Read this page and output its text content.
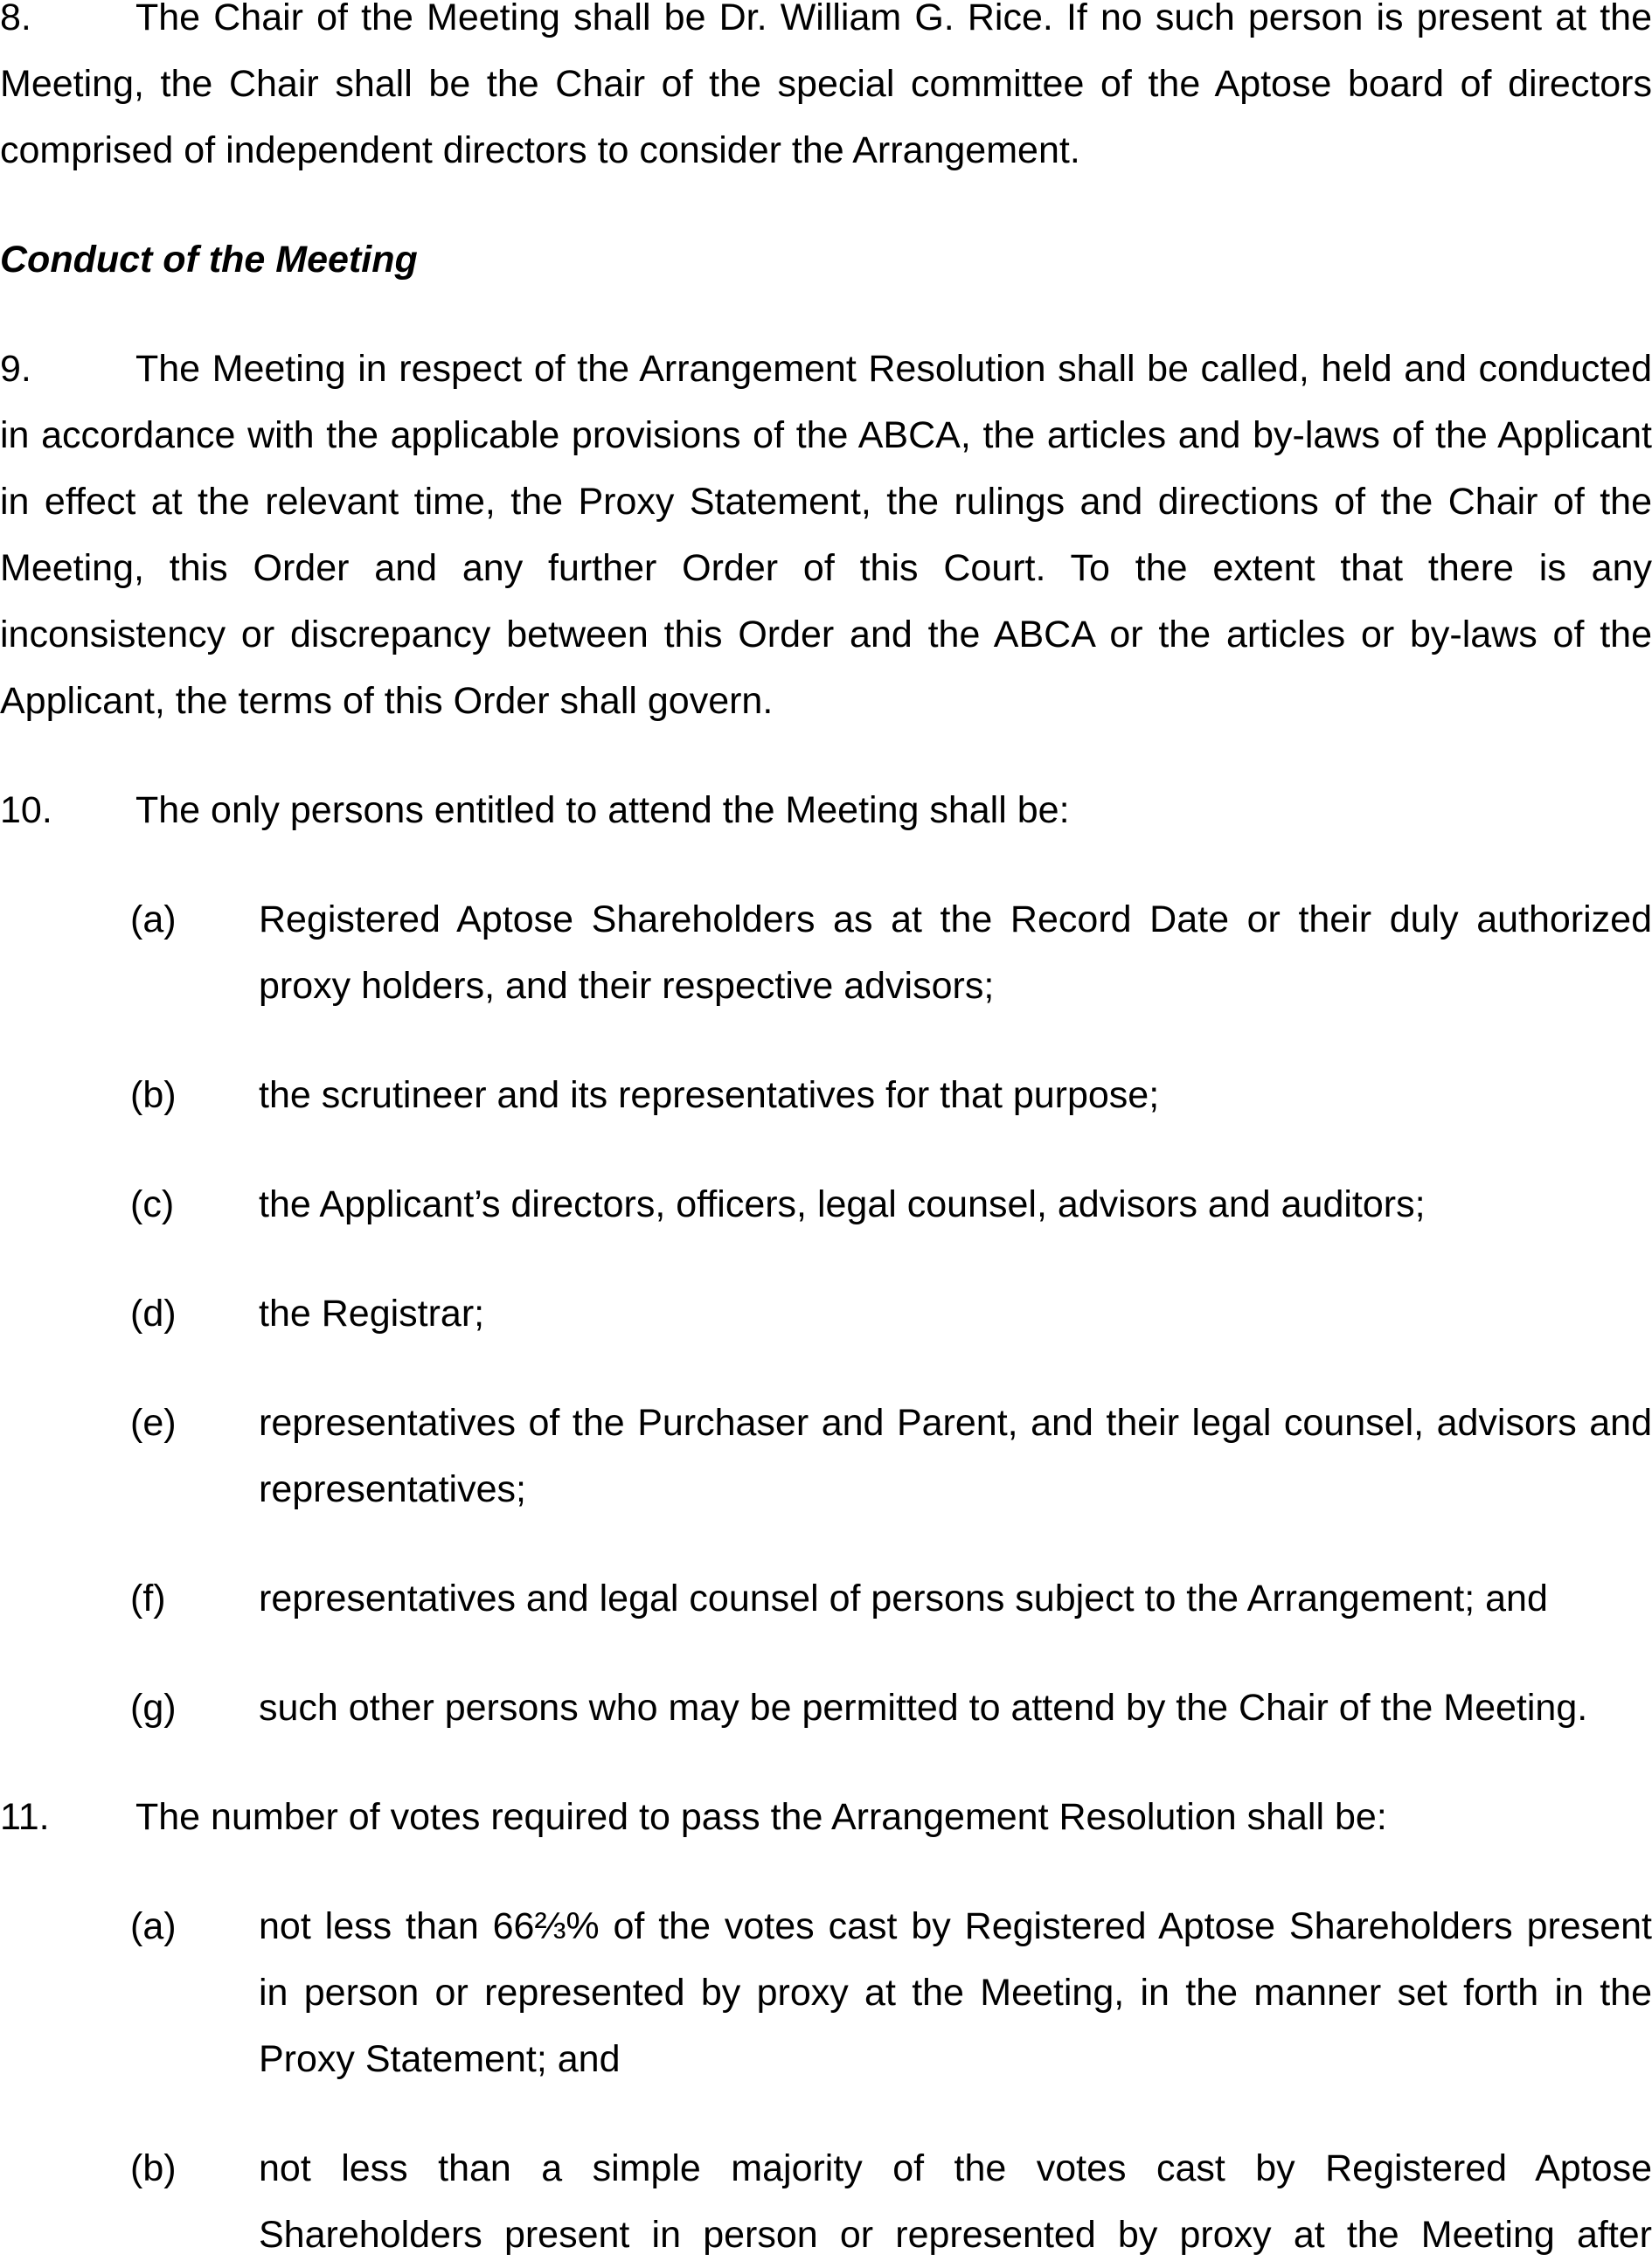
8.	The Chair of the Meeting shall be Dr. William G. Rice. If no such person is present at the
Meeting, the Chair shall be the Chair of the special committee of the Aptose board of directors
comprised of independent directors to consider the Arrangement.
Conduct of the Meeting
9.	The Meeting in respect of the Arrangement Resolution shall be called, held and conducted
in accordance with the applicable provisions of the ABCA, the articles and by-laws of the Applicant
in effect at the relevant time, the Proxy Statement, the rulings and directions of the Chair of the
Meeting, this Order and any further Order of this Court. To the extent that there is any
inconsistency or discrepancy between this Order and the ABCA or the articles or by-laws of the
Applicant, the terms of this Order shall govern.
10. The only persons entitled to attend the Meeting shall be:
(a) Registered Aptose Shareholders as at the Record Date or their duly authorized
proxy holders, and their respective advisors;
(b) the scrutineer and its representatives for that purpose;
(c) the Applicant’s directors, officers, legal counsel, advisors and auditors;
(d) the Registrar;
(e) representatives of the Purchaser and Parent, and their legal counsel, advisors and
representatives;
(f) representatives and legal counsel of persons subject to the Arrangement; and
(g) such other persons who may be permitted to attend by the Chair of the Meeting.
11. The number of votes required to pass the Arrangement Resolution shall be:
(a) not less than 66⅔% of the votes cast by Registered Aptose Shareholders present
in person or represented by proxy at the Meeting, in the manner set forth in the
Proxy Statement; and
(b) not less than a simple majority of the votes cast by Registered Aptose
Shareholders present in person or represented by proxy at the Meeting after
